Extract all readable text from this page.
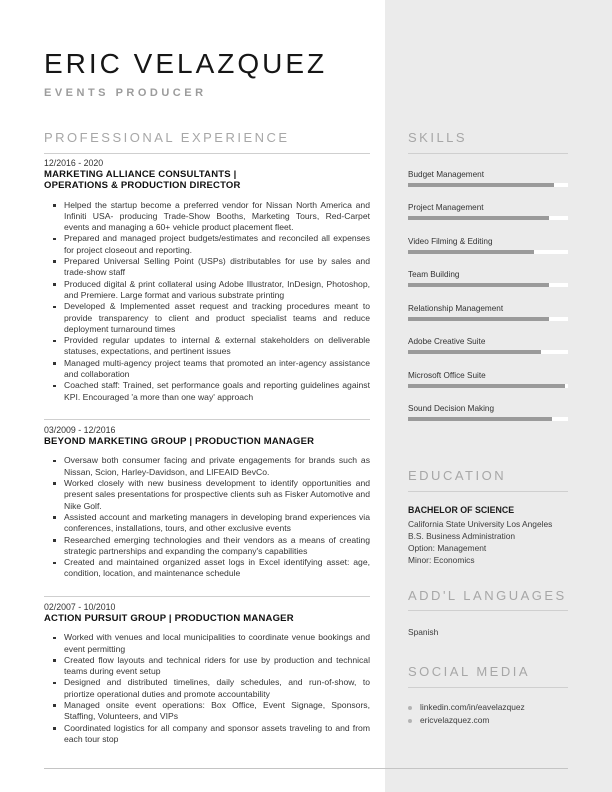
ERIC VELAZQUEZ
EVENTS PRODUCER
PROFESSIONAL EXPERIENCE
12/2016 - 2020
MARKETING ALLIANCE CONSULTANTS |
OPERATIONS & PRODUCTION DIRECTOR
Helped the startup become a preferred vendor for Nissan North America and Infiniti USA- producing Trade-Show Booths, Marketing Tours, Red-Carpet events and managing a 60+ vehicle product placement fleet.
Prepared and managed project budgets/estimates and reconciled all expenses for project closeout and reporting.
Prepared Universal Selling Point (USPs) distributables for use by sales and trade-show staff
Produced digital & print collateral using Adobe Illustrator, InDesign, Photoshop, and Premiere. Large format and various substrate printing
Developed & Implemented asset request and tracking procedures meant to provide transparency to client and product specialist teams and reduce deployment turnaround times
Provided regular updates to internal & external stakeholders on deliverable statuses, expectations, and pertinent issues
Managed multi-agency project teams that promoted an inter-agency assistance and collaboration
Coached staff: Trained, set performance goals and reporting guidelines against KPI. Encouraged 'a more than one way' approach
03/2009 - 12/2016
BEYOND MARKETING GROUP | PRODUCTION MANAGER
Oversaw both consumer facing and private engagements for brands such as Nissan, Scion, Harley-Davidson, and LIFEAID BevCo.
Worked closely with new business development to identify opportunities and present sales presentations for prospective clients suh as Fisker Automotive and Nike Golf.
Assisted account and marketing managers in developing brand experiences via conferences, installations, tours, and other exclusive events
Researched emerging technologies and their vendors as a means of creating strategic partnerships and expanding the company's capabilities
Created and maintained organized asset logs in Excel identifying asset: age, condition, location, and maintenance schedule
02/2007 - 10/2010
ACTION PURSUIT GROUP | PRODUCTION MANAGER
Worked with venues and local municipalities to coordinate venue bookings and event permitting
Created flow layouts and technical riders for use by production and technical teams during event setup
Designed and distributed timelines, daily schedules, and run-of-show, to priortize operational duties and promote accountability
Managed onsite event operations: Box Office, Event Signage, Sponsors, Staffing, Volunteers, and VIPs
Coordinated logistics for all company and sponsor assets traveling to and from each tour stop
SKILLS
Budget Management
Project Management
Video Filming & Editing
Team Building
Relationship Management
Adobe Creative Suite
Microsoft Office Suite
Sound Decision Making
EDUCATION
BACHELOR OF SCIENCE
California State University Los Angeles
B.S. Business Administration
Option: Management
Minor: Economics
ADD'L LANGUAGES
Spanish
SOCIAL MEDIA
linkedin.com/in/eavelazquez
ericvelazquez.com
